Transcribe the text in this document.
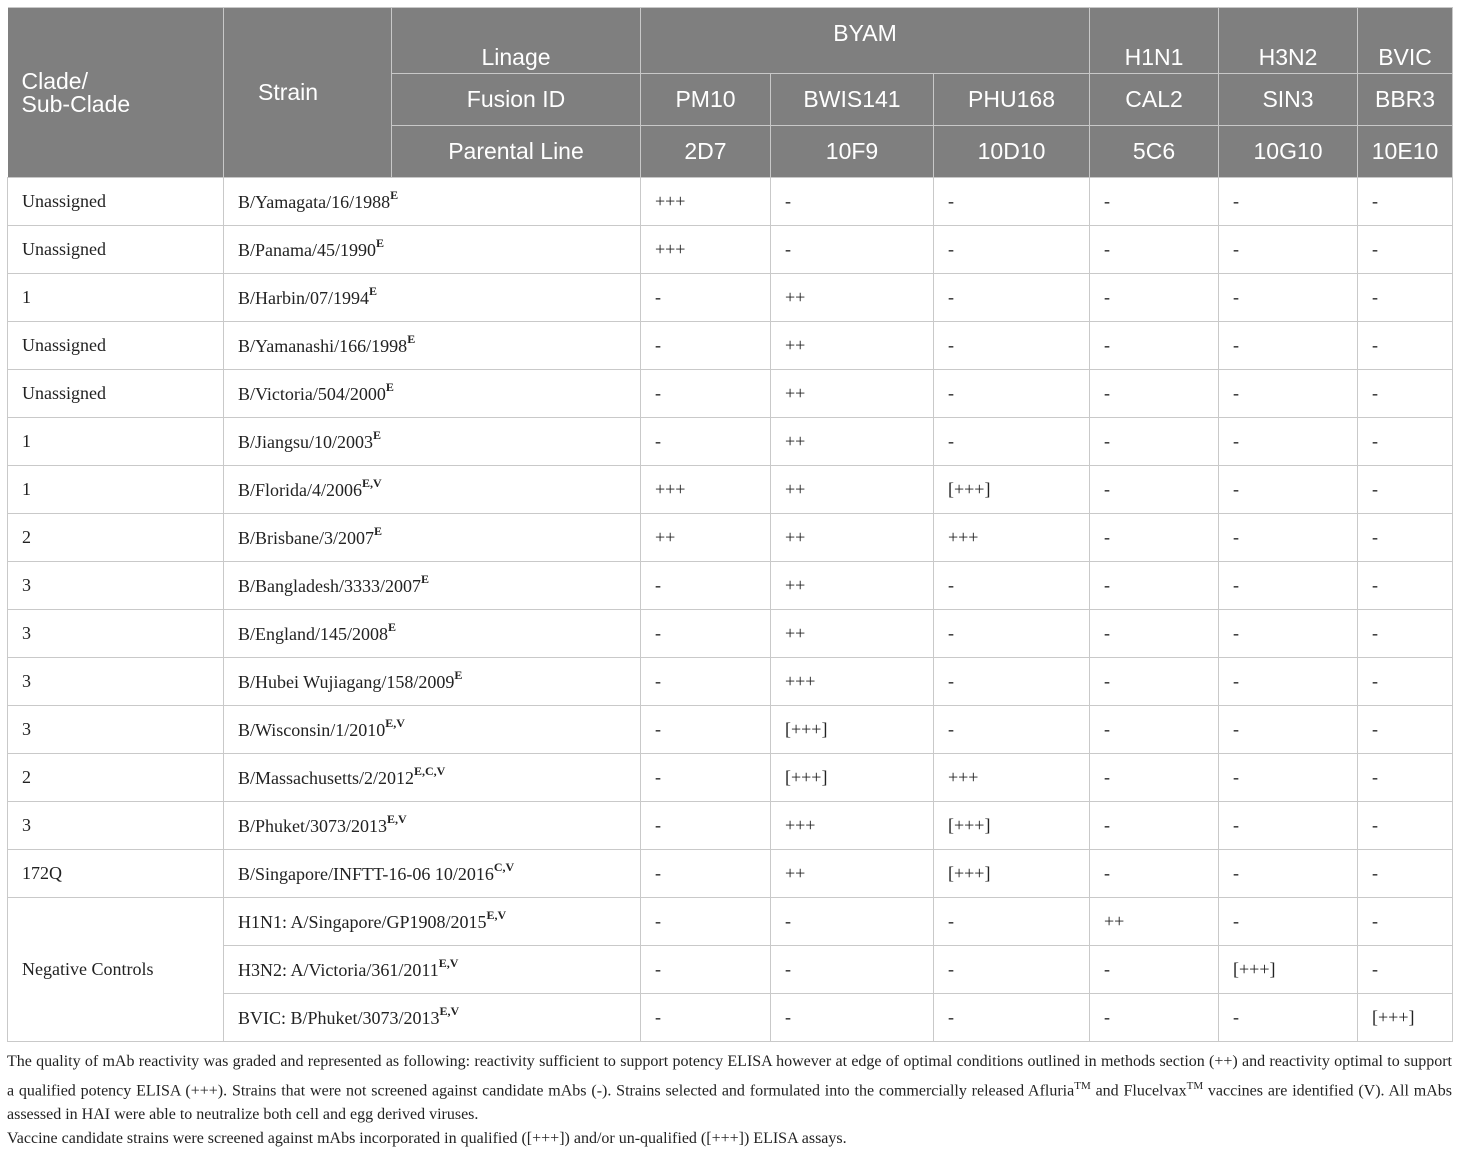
Clade/
Sub-Clade	Strain	Linage	BYAM			H1N1	H3N2	BVIC
		Fusion ID	PM10	BWIS141	PHU168	CAL2	SIN3	BBR3
		Parental Line	2D7	10F9	10D10	5C6	10G10	10E10
Unassigned	$B/Yamagata/16/1988^E$		+++	-	-	-	-	-
Unassigned	$B/Panama/45/1990^E$		+++	-	-	-	-	-
1	$B/Harbin/07/1994^E$		-	++	-	-	-	-
Unassigned	$B/Yamanashi/166/1998^E$		-	++	-	-	-	-
Unassigned	$B/Victoria/504/2000^E$		-	++	-	-	-	-
1	$B/Jiangsu/10/2003^E$		-	++	-	-	-	-
1	$B/Florida/4/2006^{E,V}$		+++	++	[+++]	-	-	-
2	$B/Brisbane/3/2007^E$		++	++	+++	-	-	-
3	$B/Bangladesh/3333/2007^E$		-	++	-	-	-	-
3	$B/England/145/2008^E$		-	++	-	-	-	-
3	B/Hubei Wujiagang/$158/2009^E$		-	+++	-	-	-	-
3	$B/Wisconsin/1/2010^{E,V}$		-	[+++]	-	-	-	-
2	$B/Massachusetts/2/2012^{E,C,V}$		-	[+++]	+++	-	-	-
3	$B/Phuket/3073/2013^{E,V}$		-	+++	[+++]	-	-	-
172Q	B/Singapore/INFTT-16-06 $10/2016^{C,V}$		-	++	[+++]	-	-	-
Negative Controls	H1N1: $A/Singapore/GP1908/2015^{E,V}$		-	-	-	++	-	-
	H3N2: $A/Victoria/361/2011^{E,V}$		-	-	-	-	[+++]	-
	BVIC: $B/Phuket/3073/2013^{E,V}$		-	-	-	-	-	[+++]

The quality of mAb reactivity was graded and represented as following: reactivity sufficient to support potency ELISA however at edge of optimal conditions outlined in methods section (++) and reactivity optimal to support a qualified potency ELISA (+++). Strains that were not screened against candidate mAbs (-). Strains selected and formulated into the commercially released Afluria™ and Flucelvax™ vaccines are identified (V). All mAbs assessed in HAI were able to neutralize both cell and egg derived viruses.

Vaccine candidate strains were screened against mAbs incorporated in qualified ([+++]) and/or un-qualified ([+++]) ELISA assays.
